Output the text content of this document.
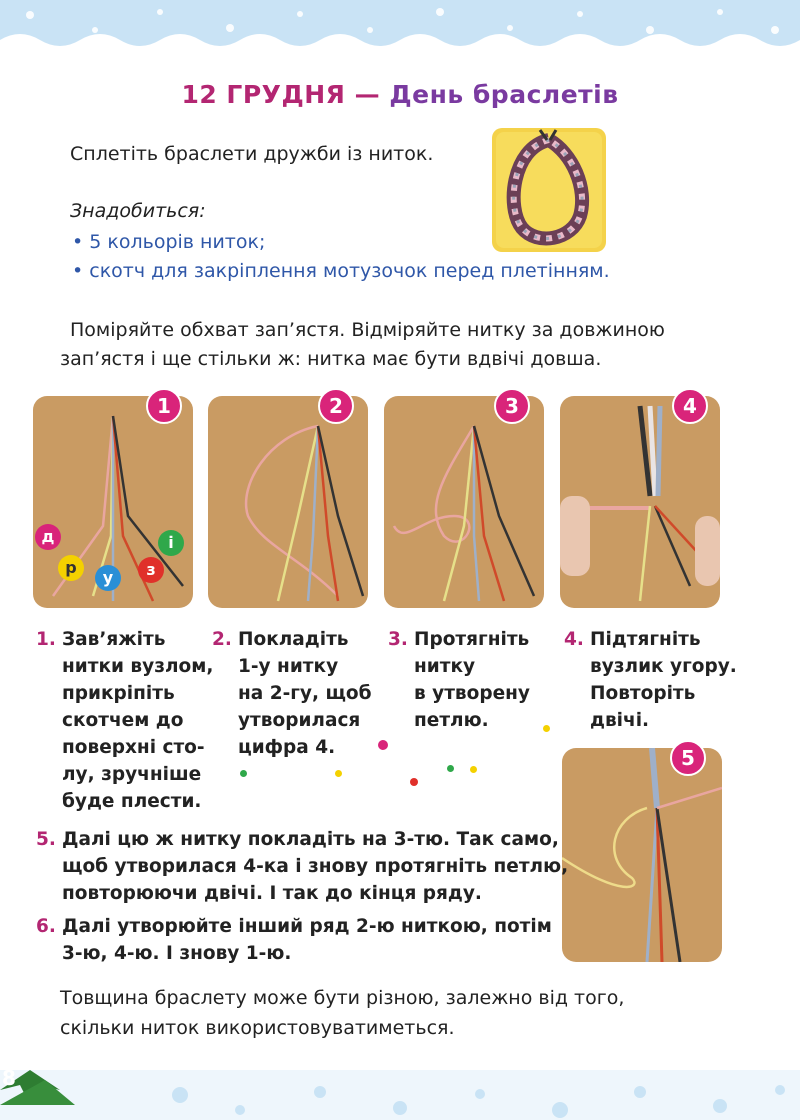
12 ГРУДНЯ — День браслетів
Сплетіть браслети дружби із ниток.
Знадобиться:
• 5 кольорів ниток;
• скотч для закріплення мотузочок перед плетінням.
Поміряйте обхват зап’ястя. Відміряйте нитку за довжиною
зап’ястя і ще стільки ж: нитка має бути вдвічі довша.
д
р
у	з
і
1	2	3	4
1. Зав’яжіть
нитки вузлом,
прикріпіть
скотчем до
поверхні сто-
лу, зручніше
буде плести.
2. Покладіть
1-у нитку
на 2-гу, щоб
утворилася
цифра 4.
3. Протягніть
нитку
в утворену
петлю.
4. Підтягніть
вузлик угору.
Повторіть
двічі.
5
5. Далі цю ж нитку покладіть на 3-тю. Так само,
щоб утворилася 4-ка і знову протягніть петлю,
повторюючи двічі. І так до кінця ряду.
6. Далі утворюйте інший ряд 2-ю ниткою, потім
3-ю, 4-ю. І знову 1-ю.
Товщина браслету може бути різною, залежно від того,
скільки ниток використовуватиметься.
8
